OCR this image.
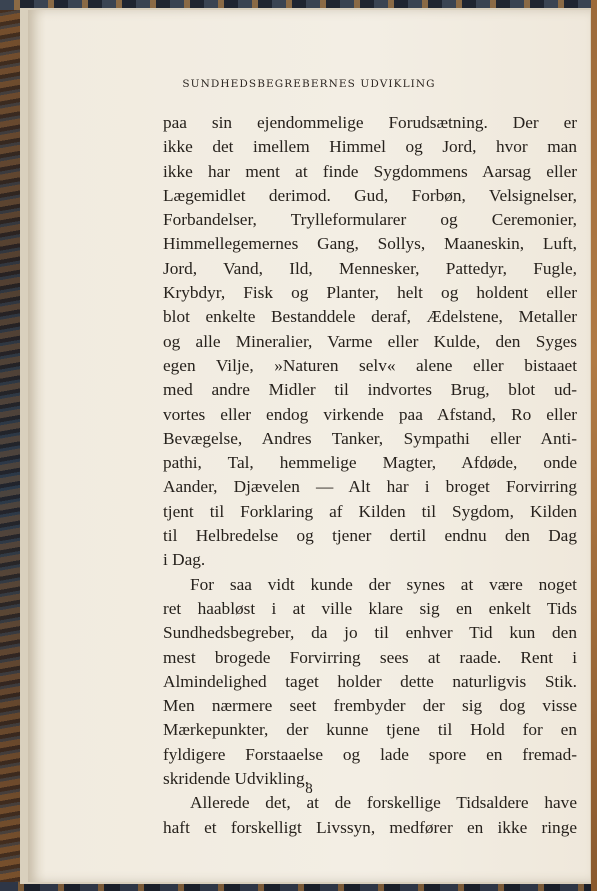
SUNDHEDSBEGREBERNES UDVIKLING
paa sin ejendommelige Forudsætning. Der er
ikke det imellem Himmel og Jord, hvor man
ikke har ment at finde Sygdommens Aarsag eller
Lægemidlet derimod. Gud, Forbøn, Velsignelser,
Forbandelser, Trylleformularer og Ceremonier,
Himmellegemernes Gang, Sollys, Maaneskin, Luft,
Jord, Vand, Ild, Mennesker, Pattedyr, Fugle,
Krybdyr, Fisk og Planter, helt og holdent eller
blot enkelte Bestanddele deraf, Ædelstene, Metaller
og alle Mineralier, Varme eller Kulde, den Syges
egen Vilje, »Naturen selv« alene eller bistaaet
med andre Midler til indvortes Brug, blot ud-
vortes eller endog virkende paa Afstand, Ro eller
Bevægelse, Andres Tanker, Sympathi eller Anti-
pathi, Tal, hemmelige Magter, Afdøde, onde
Aander, Djævelen — Alt har i broget Forvirring
tjent til Forklaring af Kilden til Sygdom, Kilden
til Helbredelse og tjener dertil endnu den Dag
i Dag.
For saa vidt kunde der synes at være noget
ret haabløst i at ville klare sig en enkelt Tids
Sundhedsbegreber, da jo til enhver Tid kun den
mest brogede Forvirring sees at raade. Rent i
Almindelighed taget holder dette naturligvis Stik.
Men nærmere seet frembyder der sig dog visse
Mærkepunkter, der kunne tjene til Hold for en
fyldigere Forstaaelse og lade spore en fremad-
skridende Udvikling.
Allerede det, at de forskellige Tidsaldere have
haft et forskelligt Livssyn, medfører en ikke ringe
8
